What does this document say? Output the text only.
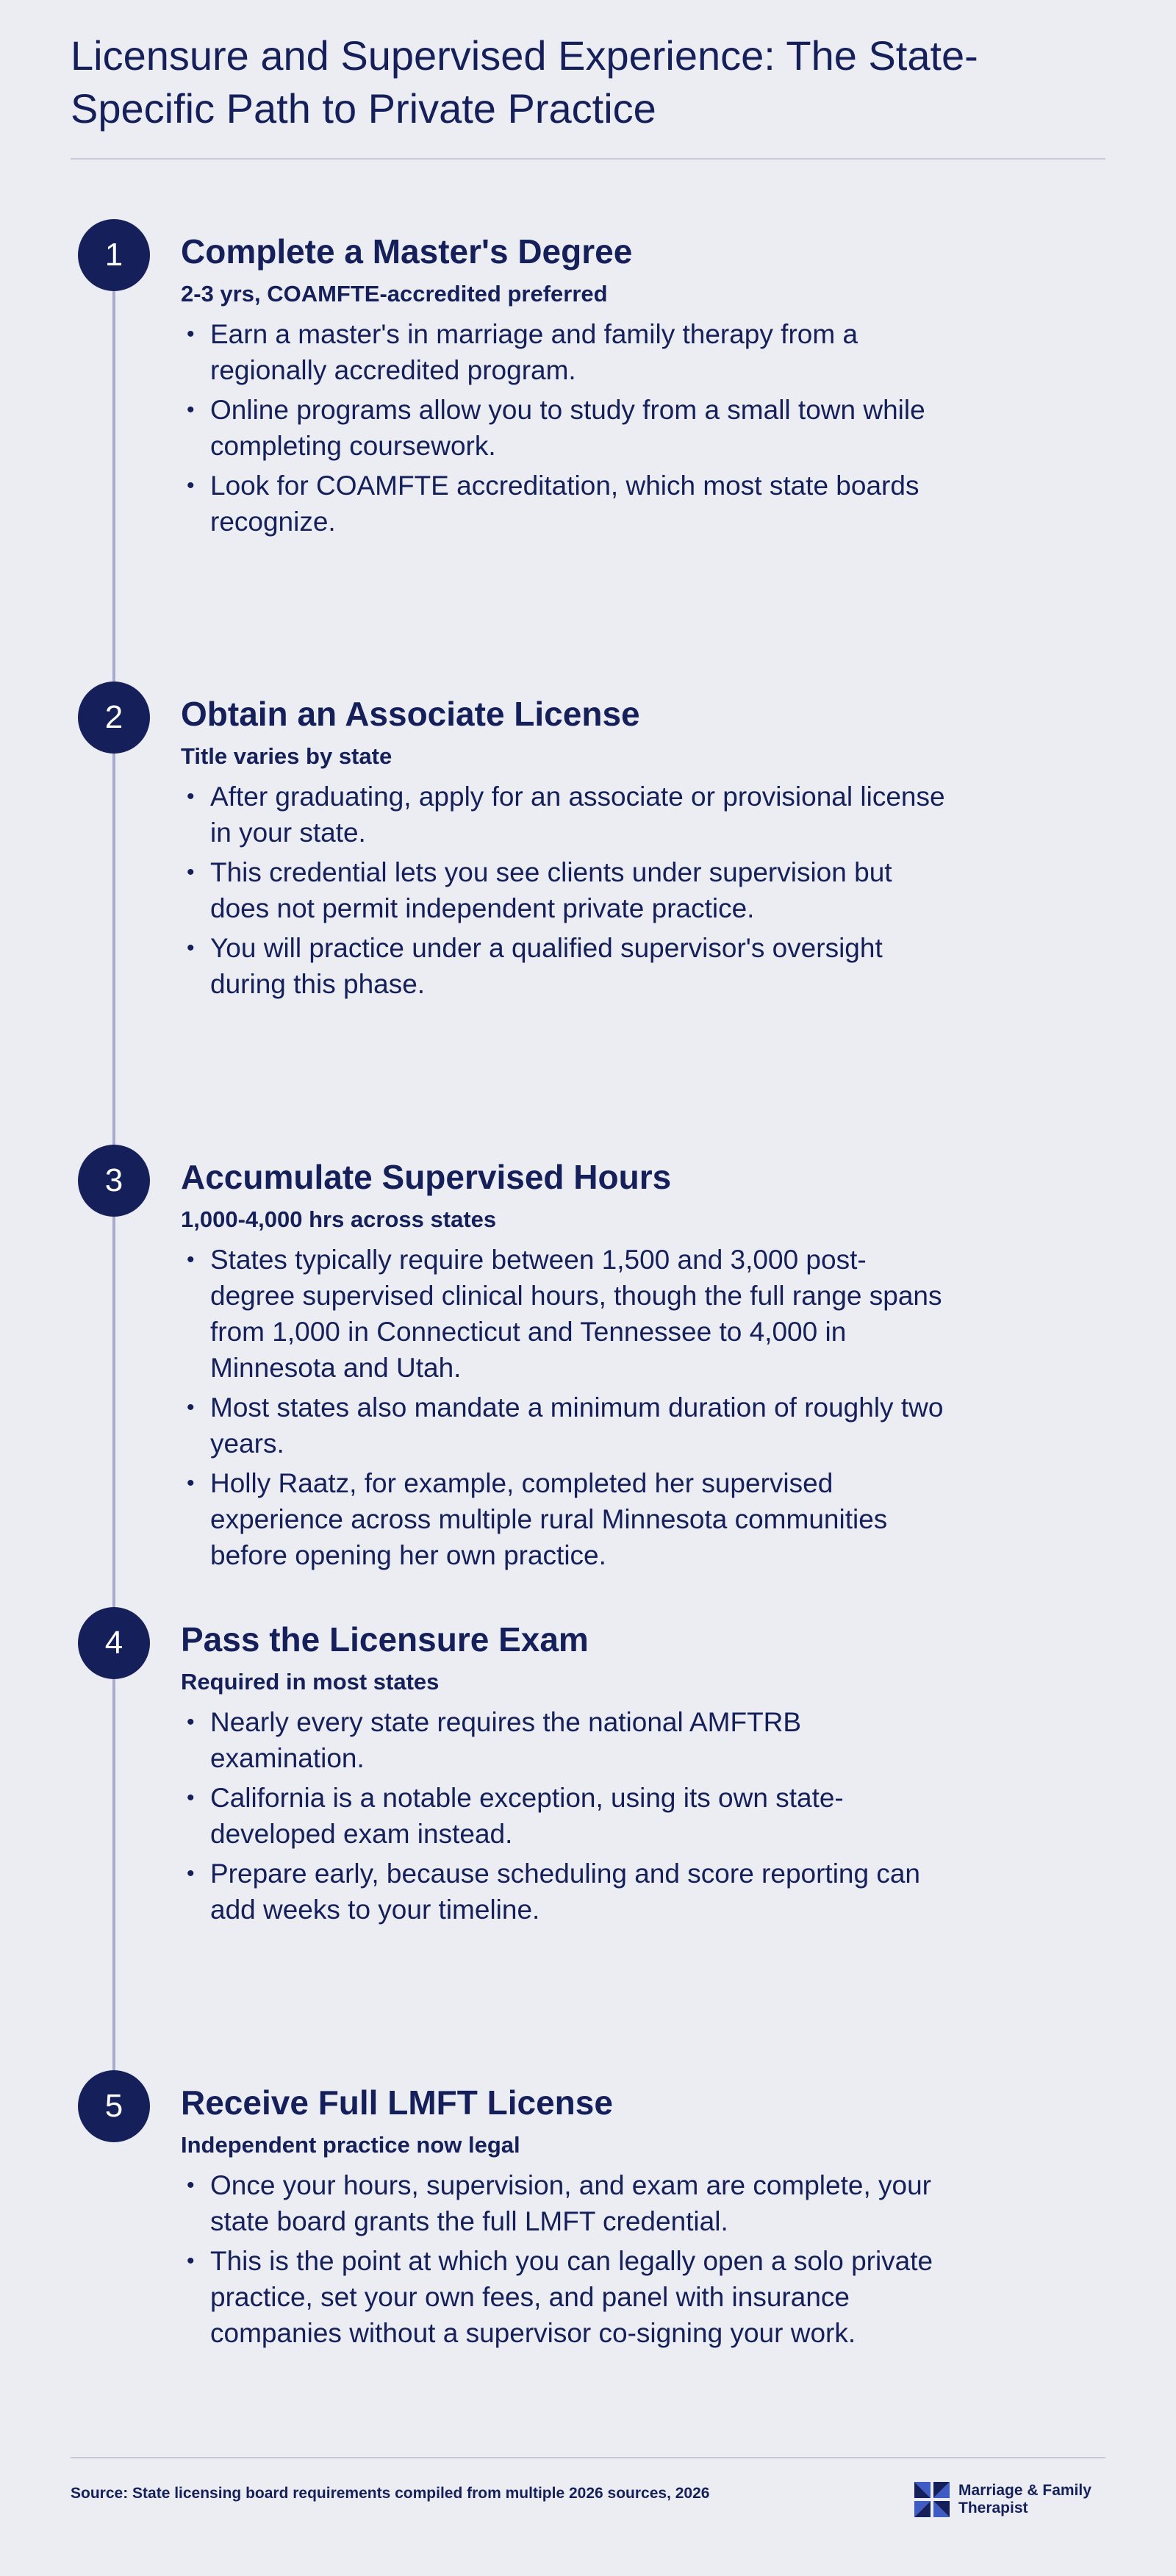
Licensure and Supervised Experience: The State-Specific Path to Private Practice
1	Complete a Master's Degree
2-3 yrs, COAMFTE-accredited preferred
• Earn a master's in marriage and family therapy from a regionally accredited program.
• Online programs allow you to study from a small town while completing coursework.
• Look for COAMFTE accreditation, which most state boards recognize.
2	Obtain an Associate License
Title varies by state
• After graduating, apply for an associate or provisional license in your state.
• This credential lets you see clients under supervision but does not permit independent private practice.
• You will practice under a qualified supervisor's oversight during this phase.
3	Accumulate Supervised Hours
1,000-4,000 hrs across states
• States typically require between 1,500 and 3,000 post-degree supervised clinical hours, though the full range spans from 1,000 in Connecticut and Tennessee to 4,000 in Minnesota and Utah.
• Most states also mandate a minimum duration of roughly two years.
• Holly Raatz, for example, completed her supervised experience across multiple rural Minnesota communities before opening her own practice.
4	Pass the Licensure Exam
Required in most states
• Nearly every state requires the national AMFTRB examination.
• California is a notable exception, using its own state-developed exam instead.
• Prepare early, because scheduling and score reporting can add weeks to your timeline.
5	Receive Full LMFT License
Independent practice now legal
• Once your hours, supervision, and exam are complete, your state board grants the full LMFT credential.
• This is the point at which you can legally open a solo private practice, set your own fees, and panel with insurance companies without a supervisor co-signing your work.
Source: State licensing board requirements compiled from multiple 2026 sources, 2026	Marriage & Family
Therapist
